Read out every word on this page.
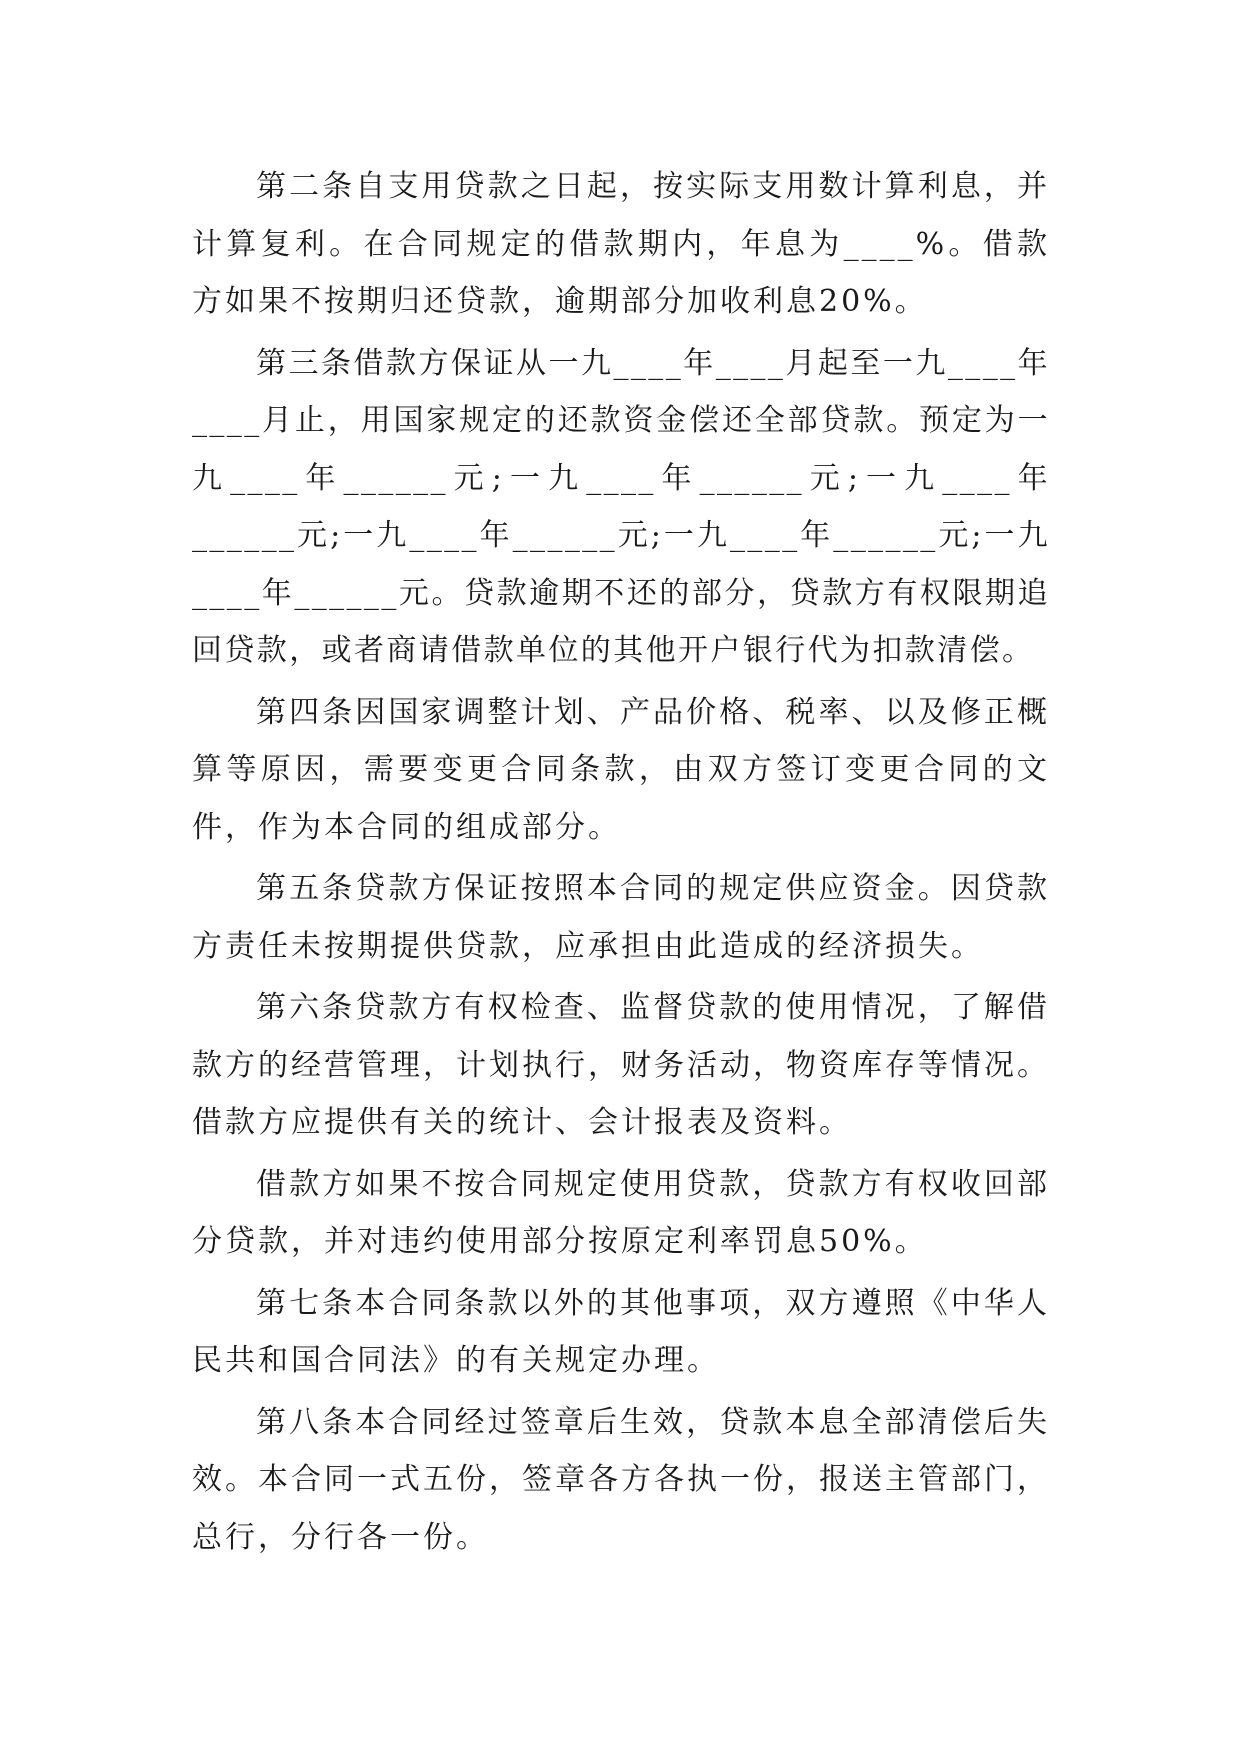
第二条自支用贷款之日起，按实际支用数计算利息，并计算复利。在合同规定的借款期内，年息为____%。借款方如果不按期归还贷款，逾期部分加收利息20%。

第三条借款方保证从一九____年____月起至一九____年____月止，用国家规定的还款资金偿还全部贷款。预定为一九____年______元;一九____年______元;一九____年______元;一九____年______元;一九____年______元;一九____年______元。贷款逾期不还的部分，贷款方有权限期追回贷款，或者商请借款单位的其他开户银行代为扣款清偿。

第四条因国家调整计划、产品价格、税率、以及修正概算等原因，需要变更合同条款，由双方签订变更合同的文件，作为本合同的组成部分。

第五条贷款方保证按照本合同的规定供应资金。因贷款方责任未按期提供贷款，应承担由此造成的经济损失。

第六条贷款方有权检查、监督贷款的使用情况，了解借款方的经营管理，计划执行，财务活动，物资库存等情况。借款方应提供有关的统计、会计报表及资料。

借款方如果不按合同规定使用贷款，贷款方有权收回部分贷款，并对违约使用部分按原定利率罚息50%。

第七条本合同条款以外的其他事项，双方遵照《中华人民共和国合同法》的有关规定办理。

第八条本合同经过签章后生效，贷款本息全部清偿后失效。本合同一式五份，签章各方各执一份，报送主管部门，总行，分行各一份。
